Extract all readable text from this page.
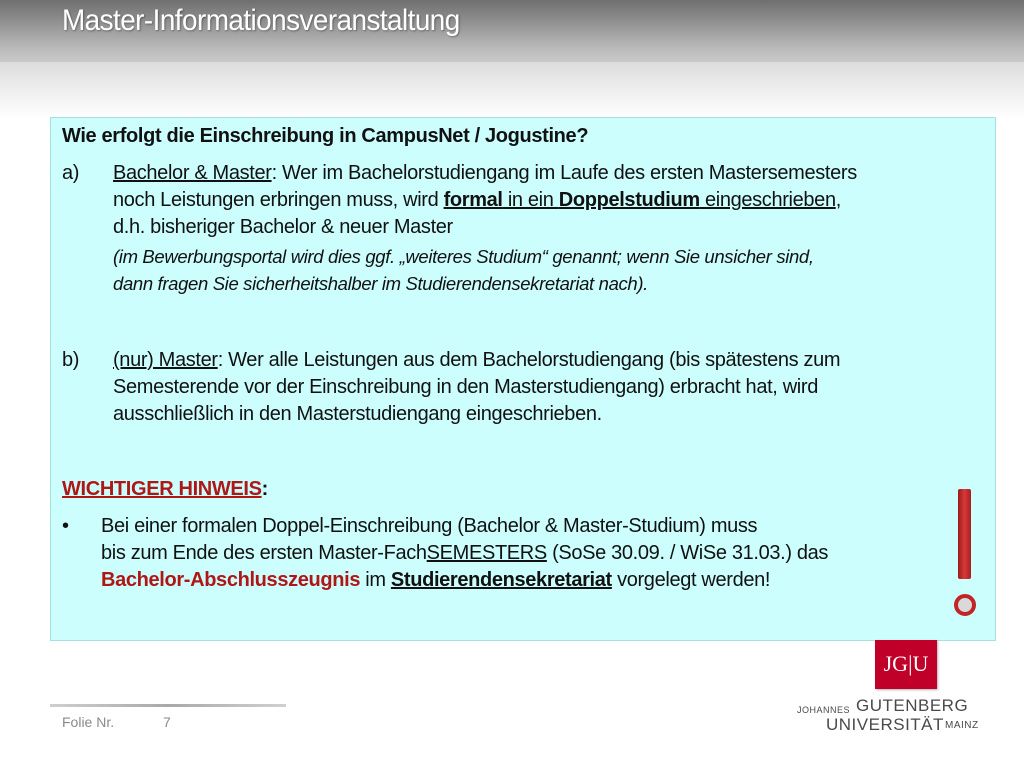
Master-Informationsveranstaltung
Wie erfolgt die Einschreibung in CampusNet / Jogustine?
a) Bachelor & Master: Wer im Bachelorstudiengang im Laufe des ersten Mastersemesters
noch Leistungen erbringen muss, wird formal in ein Doppelstudium eingeschrieben,
d.h. bisheriger Bachelor & neuer Master
(im Bewerbungsportal wird dies ggf. „weiteres Studium“ genannt; wenn Sie unsicher sind,
dann fragen Sie sicherheitshalber im Studierendensekretariat nach).
b) (nur) Master: Wer alle Leistungen aus dem Bachelorstudiengang (bis spätestens zum
Semesterende vor der Einschreibung in den Masterstudiengang) erbracht hat, wird
ausschließlich in den Masterstudiengang eingeschrieben.
WICHTIGER HINWEIS:
• Bei einer formalen Doppel-Einschreibung (Bachelor & Master-Studium) muss
bis zum Ende des ersten Master-FachSEMESTERS (SoSe 30.09. / WiSe 31.03.) das
Bachelor-Abschlusszeugnis im Studierendensekretariat vorgelegt werden!
Folie Nr.	7
JG|U
JOHANNES GUTENBERG
UNIVERSITÄT MAINZ
